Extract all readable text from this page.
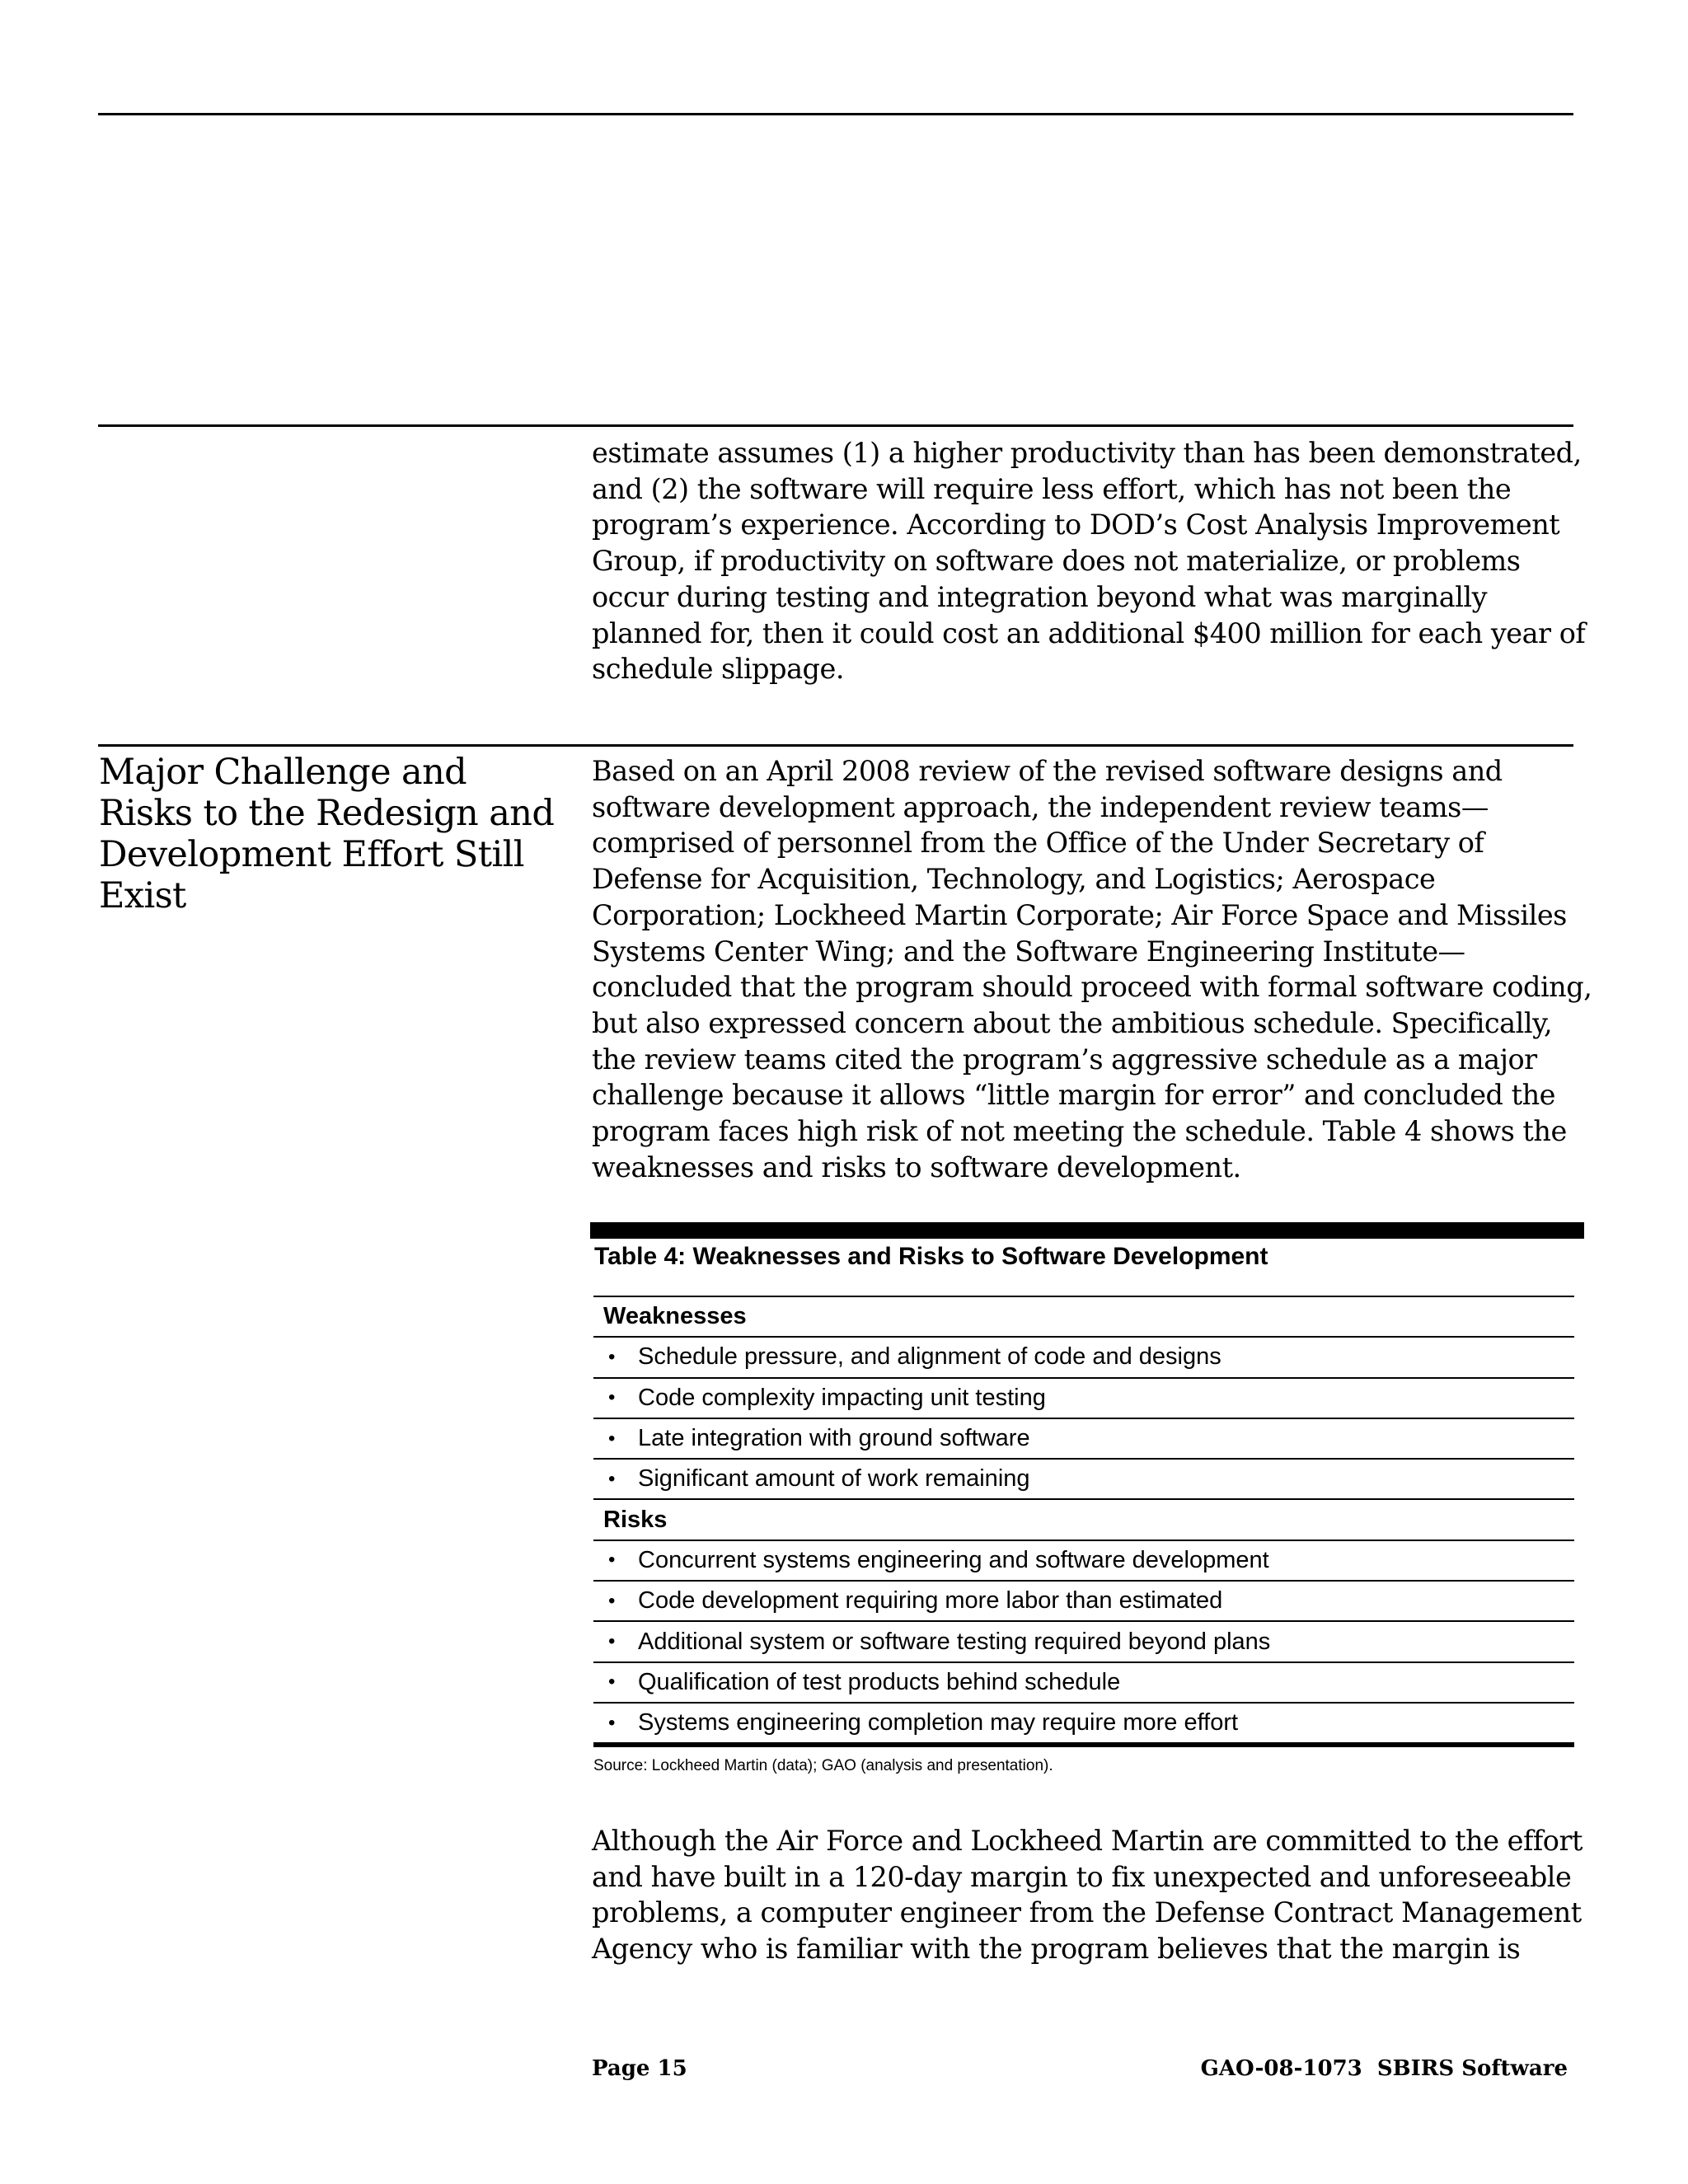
estimate assumes (1) a higher productivity than has been demonstrated, and (2) the software will require less effort, which has not been the program’s experience. According to DOD’s Cost Analysis Improvement Group, if productivity on software does not materialize, or problems occur during testing and integration beyond what was marginally planned for, then it could cost an additional $400 million for each year of schedule slippage.

Major Challenge and Risks to the Redesign and Development Effort Still Exist

Based on an April 2008 review of the revised software designs and software development approach, the independent review teams—comprised of personnel from the Office of the Under Secretary of Defense for Acquisition, Technology, and Logistics; Aerospace Corporation; Lockheed Martin Corporate; Air Force Space and Missiles Systems Center Wing; and the Software Engineering Institute—concluded that the program should proceed with formal software coding, but also expressed concern about the ambitious schedule. Specifically, the review teams cited the program’s aggressive schedule as a major challenge because it allows “little margin for error” and concluded the program faces high risk of not meeting the schedule. Table 4 shows the weaknesses and risks to software development.

Table 4: Weaknesses and Risks to Software Development
Weaknesses
• Schedule pressure, and alignment of code and designs
• Code complexity impacting unit testing
• Late integration with ground software
• Significant amount of work remaining
Risks
• Concurrent systems engineering and software development
• Code development requiring more labor than estimated
• Additional system or software testing required beyond plans
• Qualification of test products behind schedule
• Systems engineering completion may require more effort
Source: Lockheed Martin (data); GAO (analysis and presentation).

Although the Air Force and Lockheed Martin are committed to the effort and have built in a 120-day margin to fix unexpected and unforeseeable problems, a computer engineer from the Defense Contract Management Agency who is familiar with the program believes that the margin is

Page 15	GAO-08-1073  SBIRS Software
